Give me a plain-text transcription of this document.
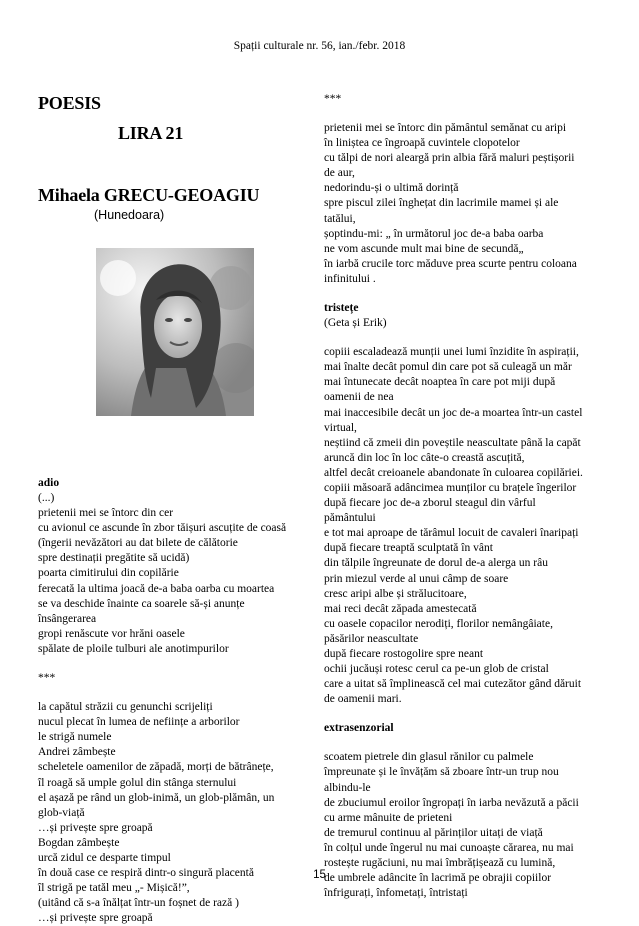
Spații culturale nr. 56, ian./febr. 2018

POESIS

LIRA 21

Mihaela GRECU-GEOAGIU

(Hunedoara)

adio

(...)

prietenii mei se întorc din cer

cu avionul ce ascunde în zbor tăișuri ascuțite de coasă

(îngerii nevăzători au dat bilete de călătorie

spre destinații pregătite să ucidă)

poarta cimitirului din copilărie

ferecată la ultima joacă de-a baba oarba cu moartea

se va deschide înainte ca soarele să-și anunțe

însângerarea

gropi renăscute vor hrăni oasele

spălate de ploile tulburi ale anotimpurilor

***

la capătul străzii cu genunchi scrijeliți

nucul plecat în lumea de neființe a arborilor

le strigă numele

Andrei zâmbește

scheletele oamenilor de zăpadă, morți de bătrânețe,

îl roagă să umple golul din stânga sternului

el așază pe rând un glob-inimă, un glob-plămân, un

glob-viață

…și privește spre groapă

Bogdan zâmbește

urcă zidul ce desparte timpul

în două case ce respiră dintr-o singură placentă

îl strigă pe tatăl meu „- Mișică!”,

(uitând că s-a înălțat într-un foșnet de rază )

…și privește spre groapă

***

prietenii mei se întorc din pământul semănat cu aripi

în liniștea ce îngroapă cuvintele clopotelor

cu tălpi de nori aleargă prin albia fără maluri peștișorii

de aur,

nedorindu-și o ultimă dorință

spre piscul zilei înghețat din lacrimile mamei și ale

tatălui,

șoptindu-mi: „ în următorul joc de-a baba oarba

ne vom ascunde mult mai bine de secundă„

în iarbă crucile torc măduve prea scurte pentru coloana

infinitului .

tristețe

(Geta și Erik)

copiii escaladează munții unei lumi înzidite în aspirații,

mai înalte decât pomul din care pot să culeagă un măr

mai întunecate decât noaptea în care pot miji după

oamenii de nea

mai inaccesibile decât un joc de-a moartea într-un castel

virtual,

neștiind că zmeii din poveștile neascultate până la capăt

aruncă din loc în loc câte-o creastă ascuțită,

altfel decât creioanele abandonate în culoarea copilăriei.

copiii măsoară adâncimea munților cu brațele îngerilor

după fiecare joc de-a zborul steagul din vârful

pământului

e tot mai aproape de tărâmul locuit de cavaleri înaripați

după fiecare treaptă sculptată în vânt

din tălpile îngreunate de dorul de-a alerga un râu

prin miezul verde al unui câmp de soare

cresc aripi albe și strălucitoare,

mai reci decât zăpada amestecată

cu oasele copacilor nerodiți, florilor nemângâiate,

păsărilor neascultate

după fiecare rostogolire spre neant

ochii jucăuși rotesc cerul ca pe-un glob de cristal

care a uitat să împlinească cel mai cutezător gând dăruit

de oamenii mari.

extrasenzorial

scoatem pietrele din glasul rănilor cu palmele

împreunate și le învățăm să zboare într-un trup nou

albindu-le

de zbuciumul eroilor îngropați în iarba nevăzută a păcii

cu arme mânuite de prieteni

de tremurul continuu al părinților uitați de viață

în colțul unde îngerul nu mai cunoaște cărarea, nu mai

rostește rugăciuni, nu mai îmbrățișează cu lumină,

de umbrele adâncite în lacrimă pe obrajii copiilor

înfrigurați, înfometați, întristați

15
